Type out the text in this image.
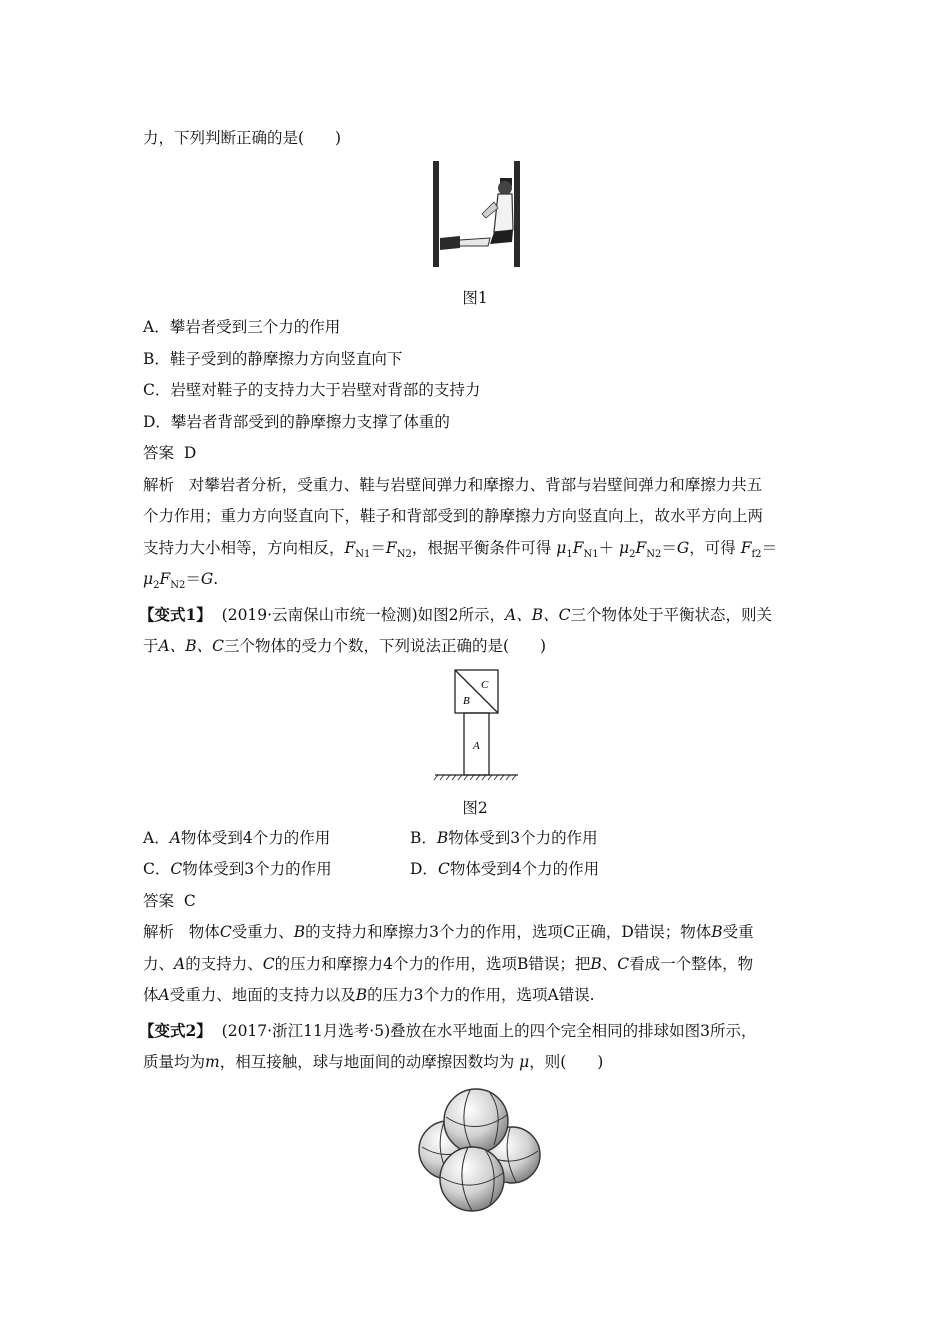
力，下列判断正确的是(　　)
图1
A．攀岩者受到三个力的作用
B．鞋子受到的静摩擦力方向竖直向下
C．岩壁对鞋子的支持力大于岩壁对背部的支持力
D．攀岩者背部受到的静摩擦力支撑了体重的
答案 D
解析 对攀岩者分析，受重力、鞋与岩壁间弹力和摩擦力、背部与岩壁间弹力和摩擦力共五
个力作用；重力方向竖直向下，鞋子和背部受到的静摩擦力方向竖直向上，故水平方向上两
支持力大小相等，方向相反，$F_{N1}=F_{N2}$，根据平衡条件可得 $\mu_1F_{N1}+ \mu_2F_{N2}=G$，可得 $F_{f2}=$
$\mu_2F_{N2}=G$.
【变式1】 (2019·云南保山市统一检测)如图2所示，A、B、C三个物体处于平衡状态，则关
于A、B、C三个物体的受力个数，下列说法正确的是(　　)
C
B
A
图2
A．A物体受到4个力的作用	B．B物体受到3个力的作用
C．C物体受到3个力的作用	D．C物体受到4个力的作用
答案 C
解析 物体C受重力、B的支持力和摩擦力3个力的作用，选项C正确，D错误；物体B受重
力、A的支持力、C的压力和摩擦力4个力的作用，选项B错误；把B、C看成一个整体，物
体A受重力、地面的支持力以及B的压力3个力的作用，选项A错误.
【变式2】 (2017·浙江11月选考·5)叠放在水平地面上的四个完全相同的排球如图3所示，
质量均为m，相互接触，球与地面间的动摩擦因数均为 μ，则(　　)
